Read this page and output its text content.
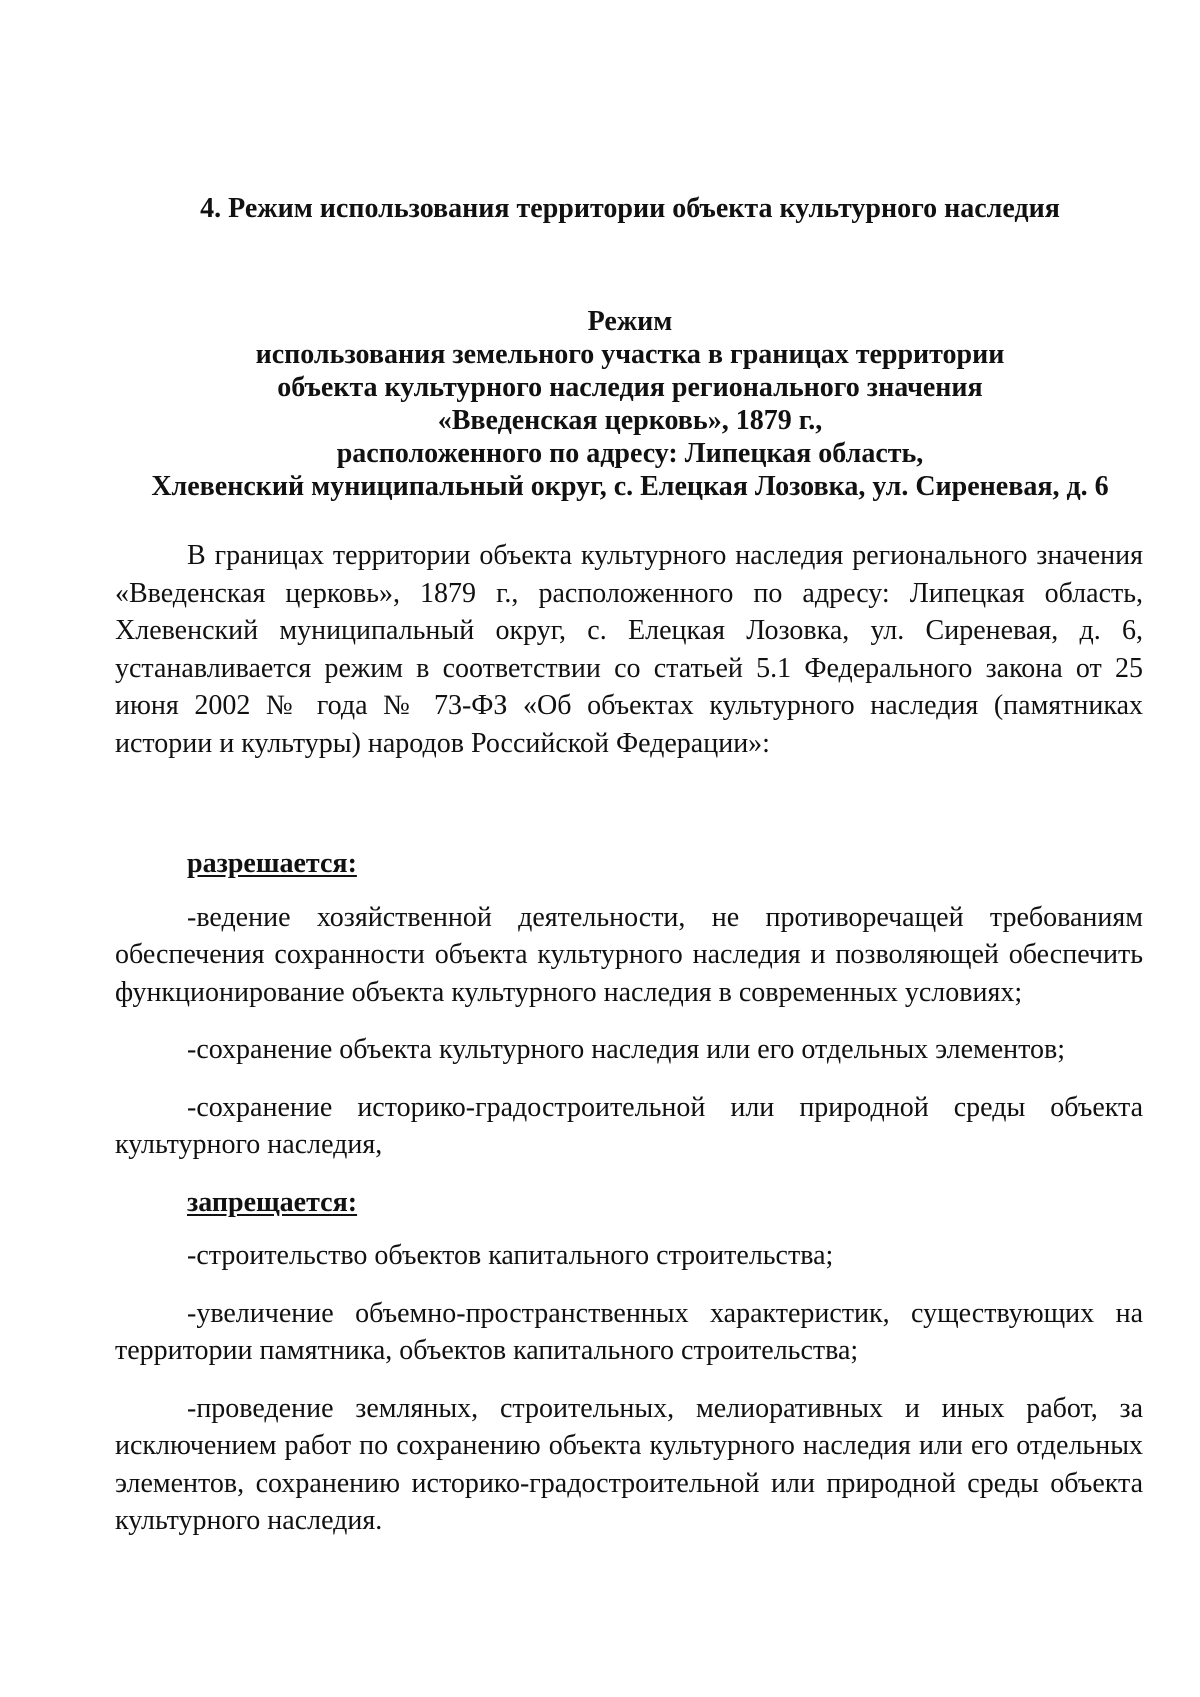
4. Режим использования территории объекта культурного наследия
Режим
использования земельного участка в границах территории
объекта культурного наследия регионального значения
«Введенская церковь», 1879 г.,
расположенного по адресу: Липецкая область,
Хлевенский муниципальный округ, с. Елецкая Лозовка, ул. Сиреневая, д. 6

В границах территории объекта культурного наследия регионального значения «Введенская церковь», 1879 г., расположенного по адресу: Липецкая область, Хлевенский муниципальный округ, с. Елецкая Лозовка, ул. Сиреневая, д. 6, устанавливается режим в соответствии со статьей 5.1 Федерального закона от 25 июня 2002 № года № 73-ФЗ «Об объектах культурного наследия (памятниках истории и культуры) народов Российской Федерации»:

разрешается:

-ведение хозяйственной деятельности, не противоречащей требованиям обеспечения сохранности объекта культурного наследия и позволяющей обеспечить функционирование объекта культурного наследия в современных условиях;

-сохранение объекта культурного наследия или его отдельных элементов;

-сохранение историко-градостроительной или природной среды объекта культурного наследия,

запрещается:

-строительство объектов капитального строительства;

-увеличение объемно-пространственных характеристик, существующих на территории памятника, объектов капитального строительства;

-проведение земляных, строительных, мелиоративных и иных работ, за исключением работ по сохранению объекта культурного наследия или его отдельных элементов, сохранению историко-градостроительной или природной среды объекта культурного наследия.
